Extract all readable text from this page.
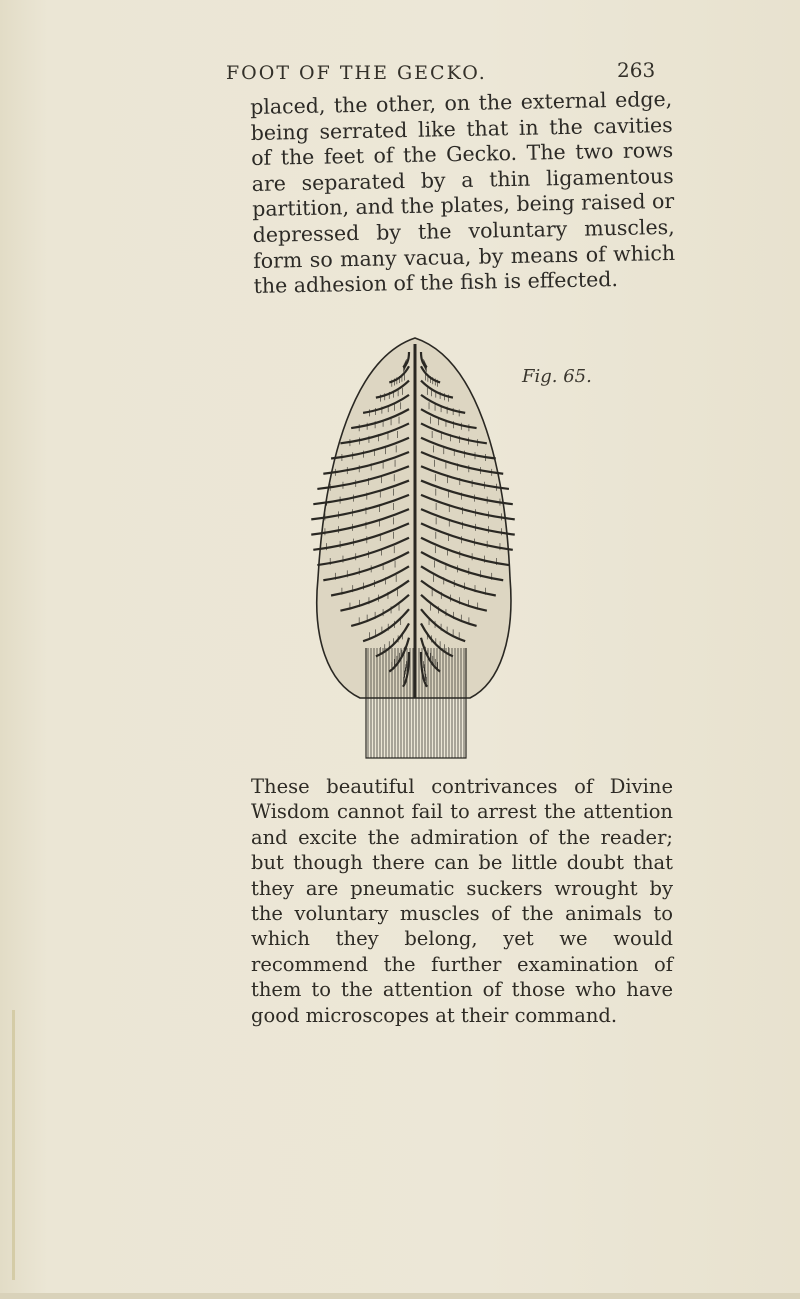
FOOT OF THE GECKO.	263

placed, the other, on the external edge, being serrated like that in the cavities of the feet of the Gecko. The two rows are separated by a thin ligamentous partition, and the plates, being raised or depressed by the voluntary muscles, form so many vacua, by means of which the adhesion of the fish is effected.

Fig. 65.

These beautiful contrivances of Divine Wisdom cannot fail to arrest the attention and excite the admiration of the reader; but though there can be little doubt that they are pneumatic suckers wrought by the voluntary muscles of the animals to which they belong, yet we would recommend the further examination of them to the attention of those who have good microscopes at their command.
